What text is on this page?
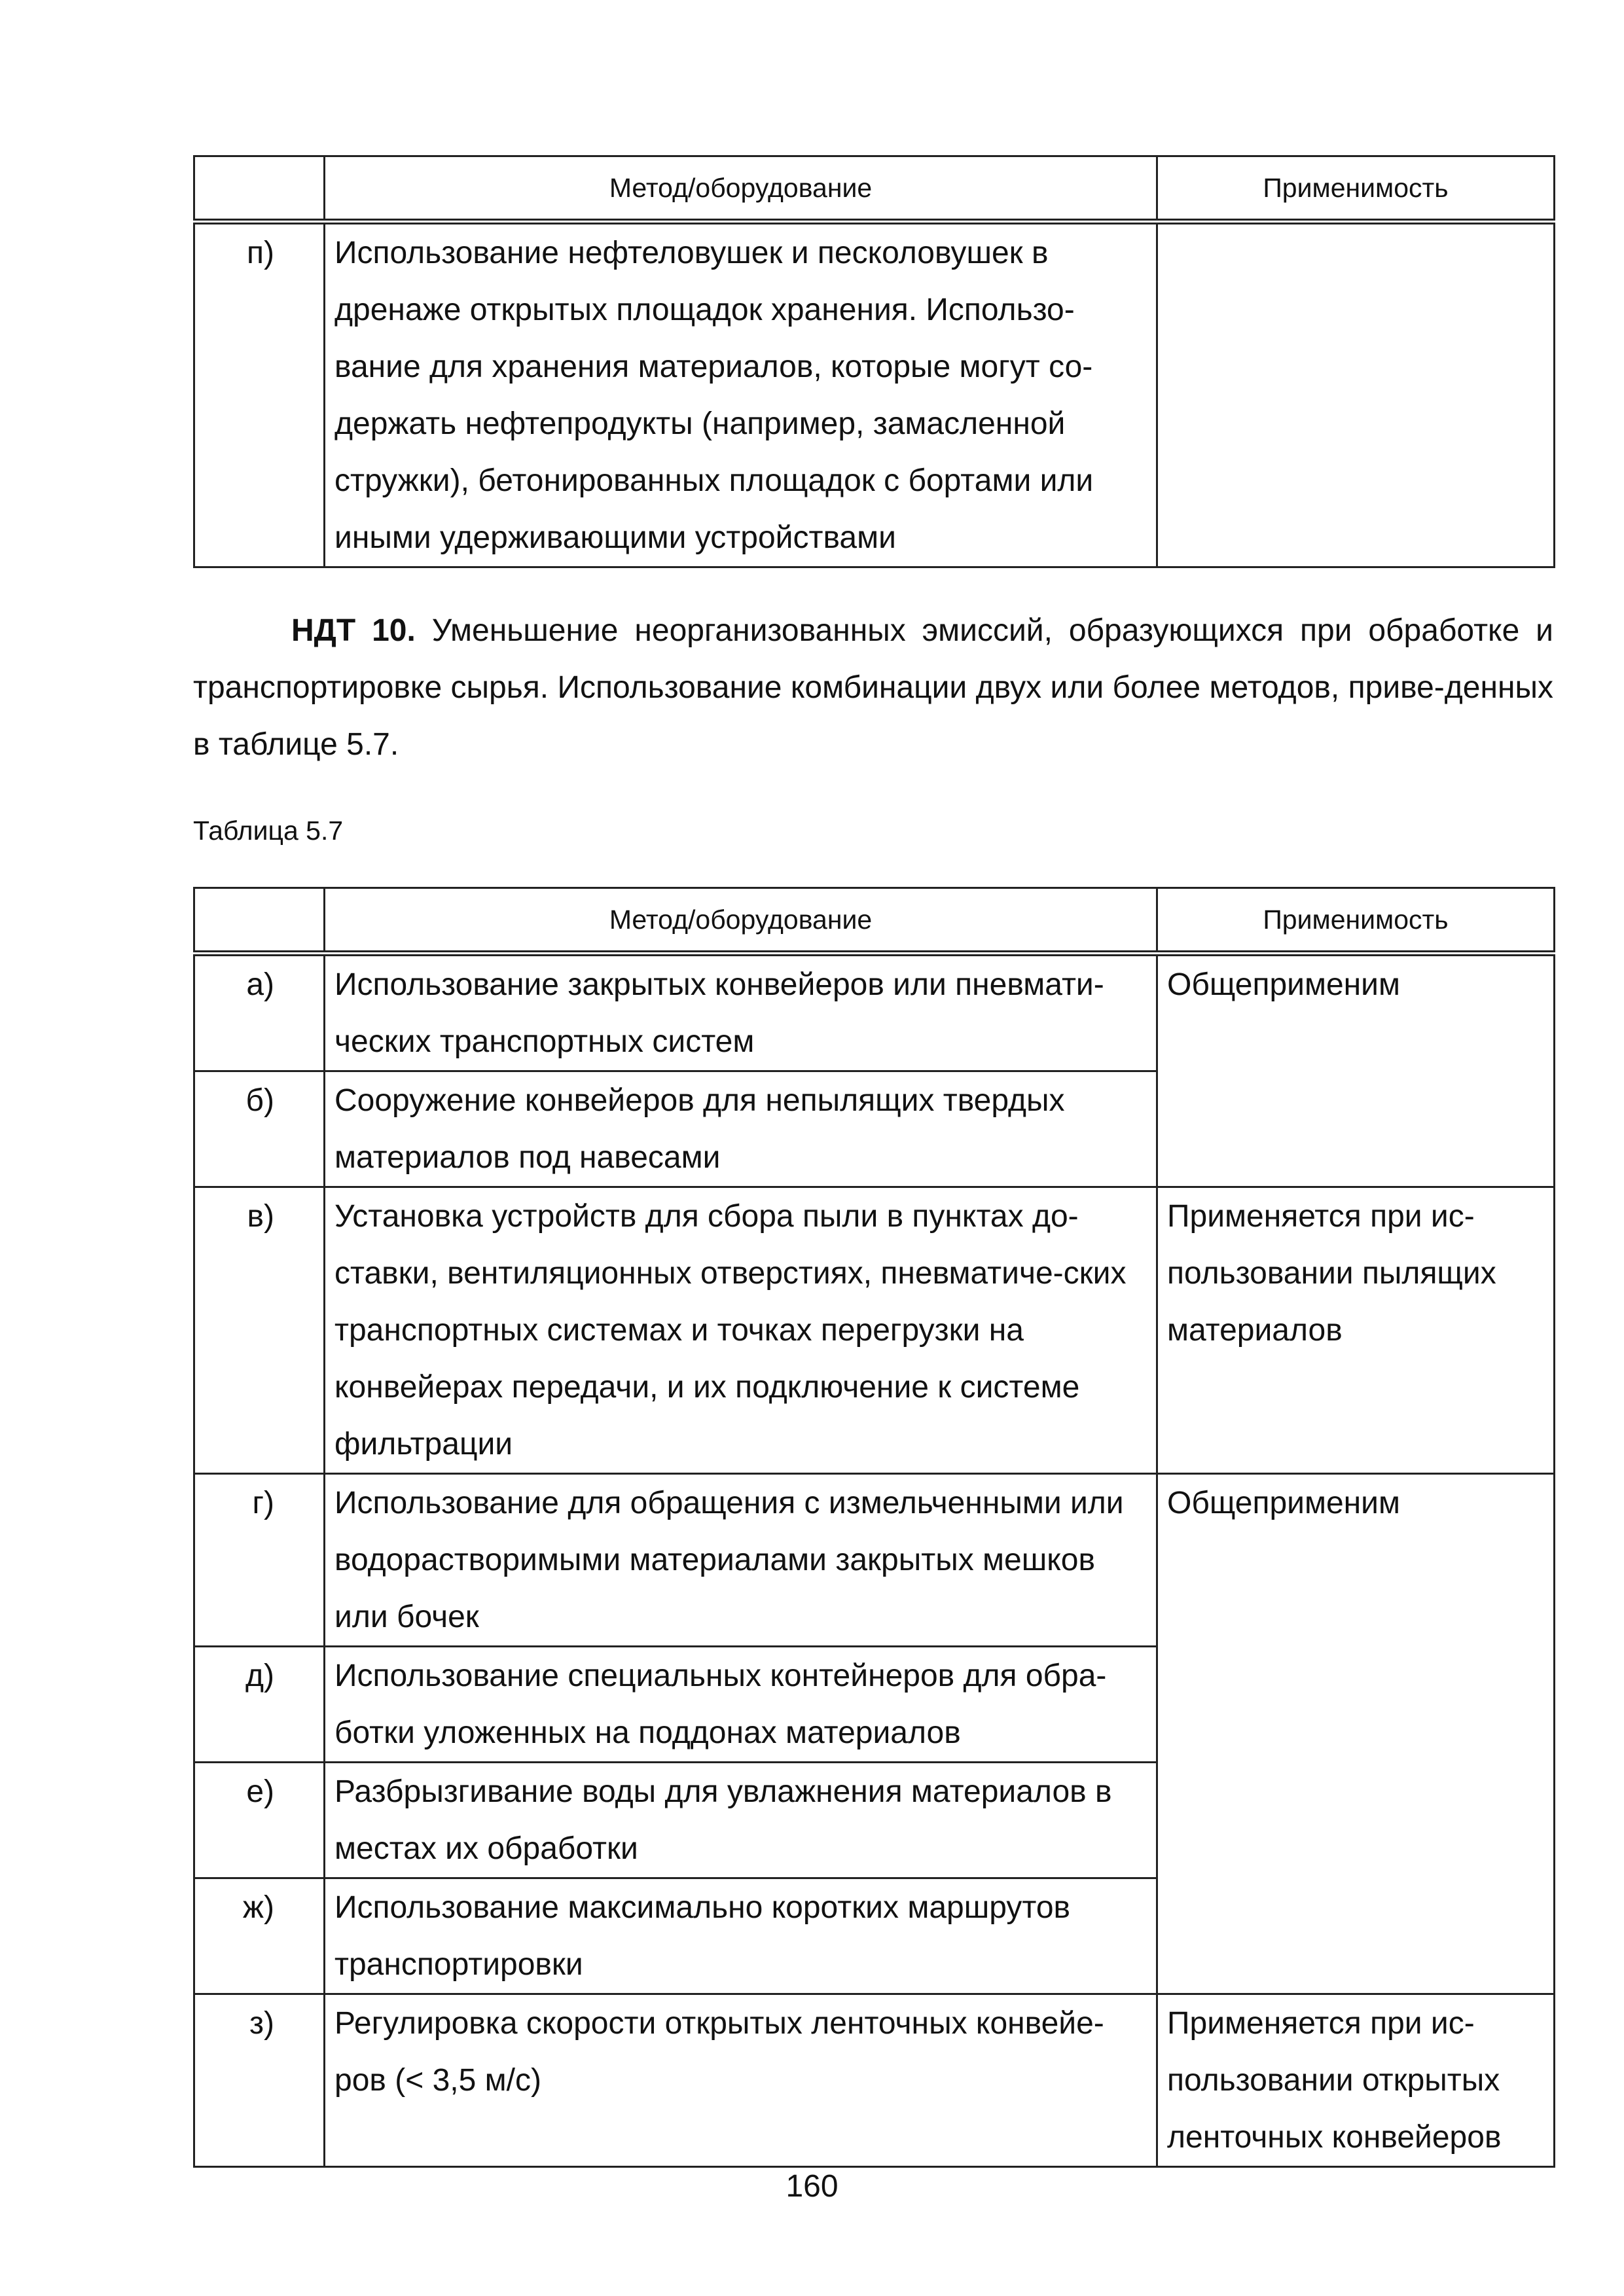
	Метод/оборудование	Применимость
п)	Использование нефтеловушек и песколовушек в дренаже открытых площадок хранения. Использо-вание для хранения материалов, которые могут со-держать нефтепродукты (например, замасленной стружки), бетонированных площадок с бортами или иными удерживающими устройствами	

НДТ 10. Уменьшение неорганизованных эмиссий, образующихся при обработке и транспортировке сырья. Использование комбинации двух или более методов, приве-денных в таблице 5.7.

Таблица 5.7
	Метод/оборудование	Применимость
а)	Использование закрытых конвейеров или пневмати-ческих транспортных систем	Общеприменим
б)	Сооружение конвейеров для непылящих твердых материалов под навесами	
в)	Установка устройств для сбора пыли в пунктах до-ставки, вентиляционных отверстиях, пневматиче-ских транспортных системах и точках перегрузки на конвейерах передачи, и их подключение к системе фильтрации	Применяется при ис-пользовании пылящих материалов
г)	Использование для обращения с измельченными или водорастворимыми материалами закрытых мешков или бочек	Общеприменим
д)	Использование специальных контейнеров для обра-ботки уложенных на поддонах материалов	
е)	Разбрызгивание воды для увлажнения материалов в местах их обработки	
ж)	Использование максимально коротких маршрутов транспортировки	
з)	Регулировка скорости открытых ленточных конвейе-ров (< 3,5 м/с)	Применяется при ис-пользовании открытых ленточных конвейеров
160
